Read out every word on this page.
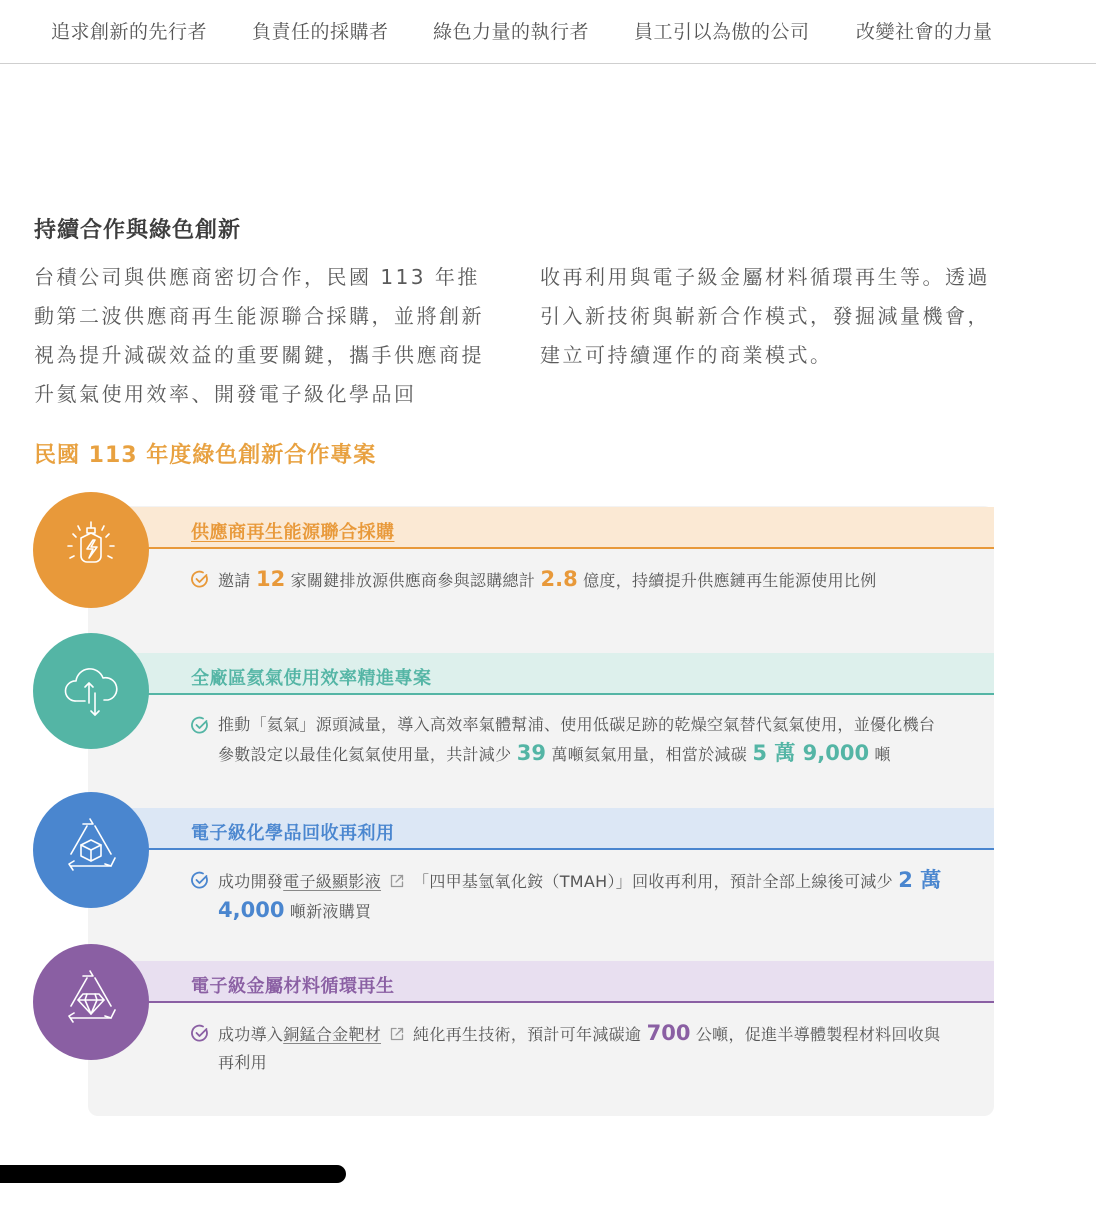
追求創新的先行者 負責任的採購者 綠色力量的執行者 員工引以為傲的公司 改變社會的力量
持續合作與綠色創新

台積公司與供應商密切合作，民國 113 年推動第二波供應商再生能源聯合採購，並將創新視為提升減碳效益的重要關鍵，攜手供應商提升氦氣使用效率、開發電子級化學品回

收再利用與電子級金屬材料循環再生等。透過引入新技術與嶄新合作模式，發掘減量機會，建立可持續運作的商業模式。

民國 113 年度綠色創新合作專案
供應商再生能源聯合採購
邀請 12 家關鍵排放源供應商參與認購總計 2.8 億度，持續提升供應鏈再生能源使用比例
全廠區氦氣使用效率精進專案
推動「氦氣」源頭減量，導入高效率氣體幫浦、使用低碳足跡的乾燥空氣替代氦氣使用，並優化機台參數設定以最佳化氦氣使用量，共計減少 39 萬噸氦氣用量，相當於減碳 5 萬 9,000 噸
電子級化學品回收再利用
成功開發電子級顯影液 「四甲基氫氧化銨（TMAH）」回收再利用，預計全部上線後可減少 2 萬 4,000 噸新液購買
電子級金屬材料循環再生
成功導入銅錳合金靶材 純化再生技術，預計可年減碳逾 700 公噸，促進半導體製程材料回收與再利用
